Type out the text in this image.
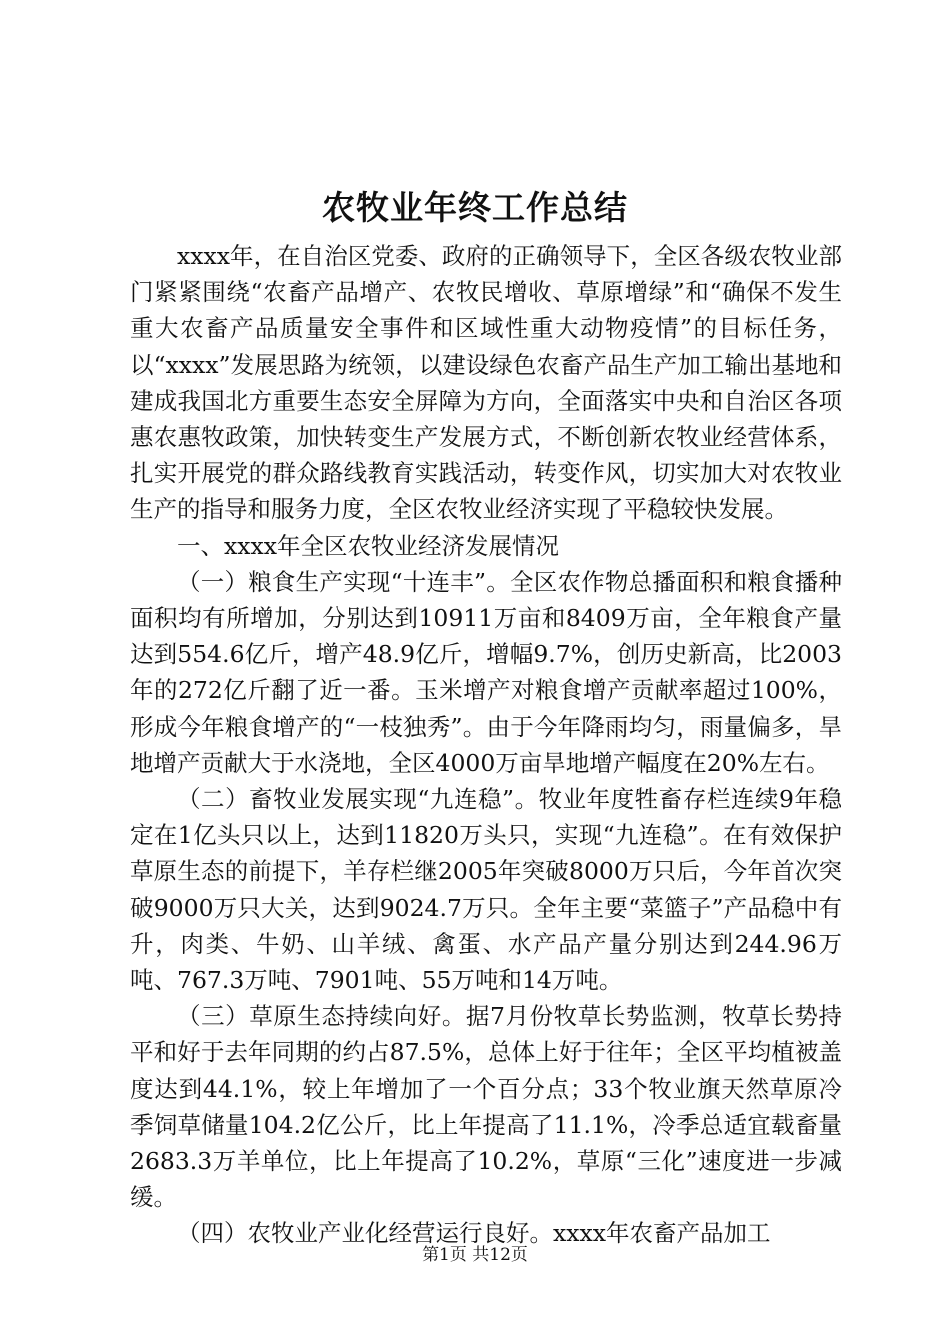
农牧业年终工作总结

xxxx年，在自治区党委、政府的正确领导下，全区各级农牧业部门紧紧围绕“农畜产品增产、农牧民增收、草原增绿”和“确保不发生重大农畜产品质量安全事件和区域性重大动物疫情”的目标任务，以“xxxx”发展思路为统领，以建设绿色农畜产品生产加工输出基地和建成我国北方重要生态安全屏障为方向，全面落实中央和自治区各项惠农惠牧政策，加快转变生产发展方式，不断创新农牧业经营体系，扎实开展党的群众路线教育实践活动，转变作风，切实加大对农牧业生产的指导和服务力度，全区农牧业经济实现了平稳较快发展。

一、xxxx年全区农牧业经济发展情况

（一）粮食生产实现“十连丰”。全区农作物总播面积和粮食播种面积均有所增加，分别达到10911万亩和8409万亩，全年粮食产量达到554.6亿斤，增产48.9亿斤，增幅9.7%，创历史新高，比2003年的272亿斤翻了近一番。玉米增产对粮食增产贡献率超过100%，形成今年粮食增产的“一枝独秀”。由于今年降雨均匀，雨量偏多，旱地增产贡献大于水浇地，全区4000万亩旱地增产幅度在20%左右。

（二）畜牧业发展实现“九连稳”。牧业年度牲畜存栏连续9年稳定在1亿头只以上，达到11820万头只，实现“九连稳”。在有效保护草原生态的前提下，羊存栏继2005年突破8000万只后，今年首次突破9000万只大关，达到9024.7万只。全年主要“菜篮子”产品稳中有升，肉类、牛奶、山羊绒、禽蛋、水产品产量分别达到244.96万吨、767.3万吨、7901吨、55万吨和14万吨。

（三）草原生态持续向好。据7月份牧草长势监测，牧草长势持平和好于去年同期的约占87.5%，总体上好于往年；全区平均植被盖度达到44.1%，较上年增加了一个百分点；33个牧业旗天然草原冷季饲草储量104.2亿公斤，比上年提高了11.1%，冷季总适宜载畜量2683.3万羊单位，比上年提高了10.2%，草原“三化”速度进一步减缓。

（四）农牧业产业化经营运行良好。xxxx年农畜产品加工

第1页 共12页
